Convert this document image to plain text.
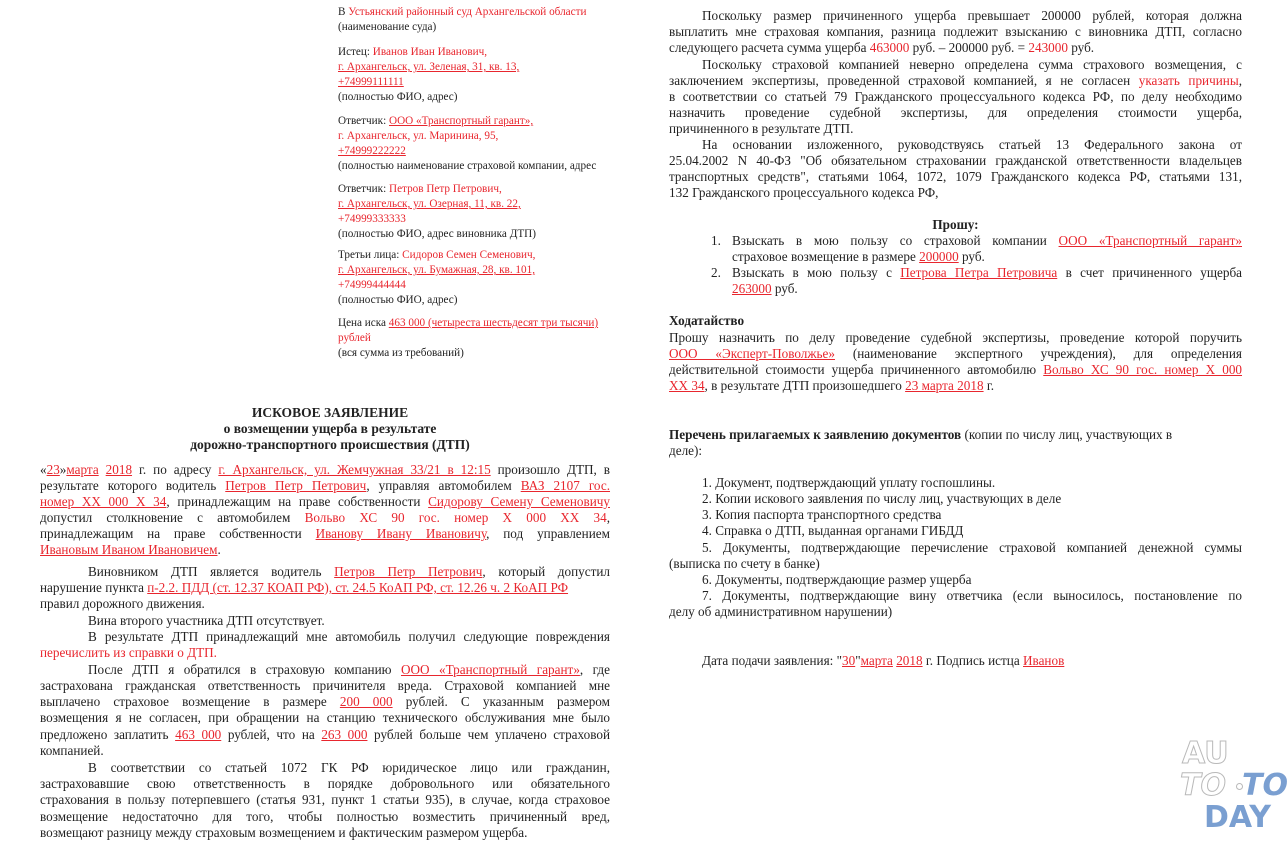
В Устьянский районный суд Архангельской области
(наименование суда)
Истец: Иванов Иван Иванович,
г. Архангельск, ул. Зеленая, 31, кв. 13,
+74999111111
(полностью ФИО, адрес)
Ответчик: ООО «Транспортный гарант»,
г. Архангельск, ул. Маринина, 95,
+74999222222
(полностью наименование страховой компании, адрес
Ответчик: Петров Петр Петрович,
г. Архангельск, ул. Озерная, 11, кв. 22,
+74999333333
(полностью ФИО, адрес виновника ДТП)
Третьи лица: Сидоров Семен Семенович,
г. Архангельск, ул. Бумажная, 28, кв. 101,
+74999444444
(полностью ФИО, адрес)
Цена иска 463 000 (четыреста шестьдесят три тысячи)
рублей
(вся сумма из требований)
ИСКОВОЕ ЗАЯВЛЕНИЕ
о возмещении ущерба в результате
дорожно-транспортного происшествия (ДТП)
«23»марта 2018 г. по адресу г. Архангельск, ул. Жемчужная 33/21 в 12:15 произошло ДТП, в
результате которого водитель Петров Петр Петрович, управляя автомобилем ВАЗ 2107 гос.
номер ХХ 000 Х 34, принадлежащим на праве собственности Сидорову Семену Семеновичу
допустил столкновение с автомобилем Вольво ХС 90 гос. номер Х 000 ХХ 34,
принадлежащим на праве собственности Иванову Ивану Ивановичу, под управлением
Ивановым Иваном Ивановичем.
Виновником ДТП является водитель Петров Петр Петрович, который допустил
нарушение пункта п-2.2. ПДД (ст. 12.37 КОАП РФ), ст. 24.5 КоАП РФ, ст. 12.26 ч. 2 КоАП РФ
правил дорожного движения.
Вина второго участника ДТП отсутствует.
В результате ДТП принадлежащий мне автомобиль получил следующие повреждения
перечислить из справки о ДТП.
После ДТП я обратился в страховую компанию ООО «Транспортный гарант», где
застрахована гражданская ответственность причинителя вреда. Страховой компанией мне
выплачено страховое возмещение в размере 200 000 рублей. С указанным размером
возмещения я не согласен, при обращении на станцию технического обслуживания мне было
предложено заплатить 463 000 рублей, что на 263 000 рублей больше чем уплачено страховой
компанией.
В соответствии со статьей 1072 ГК РФ юридическое лицо или гражданин,
застраховавшие свою ответственность в порядке добровольного или обязательного
страхования в пользу потерпевшего (статья 931, пункт 1 статьи 935), в случае, когда страховое
возмещение недостаточно для того, чтобы полностью возместить причиненный вред,
возмещают разницу между страховым возмещением и фактическим размером ущерба.
Поскольку размер причиненного ущерба превышает 200000 рублей, которая должна
выплатить мне страховая компания, разница подлежит взысканию с виновника ДТП, согласно
следующего расчета сумма ущерба 463000 руб. – 200000 руб. = 243000 руб.
Поскольку страховой компанией неверно определена сумма страхового возмещения, с
заключением экспертизы, проведенной страховой компанией, я не согласен указать причины,
в соответствии со статьей 79 Гражданского процессуального кодекса РФ, по делу необходимо
назначить проведение судебной экспертизы, для определения стоимости ущерба,
причиненного в результате ДТП.
На основании изложенного, руководствуясь статьей 13 Федерального закона от
25.04.2002 N 40-ФЗ "Об обязательном страховании гражданской ответственности владельцев
транспортных средств", статьями 1064, 1072, 1079 Гражданского кодекса РФ, статьями 131,
132 Гражданского процессуального кодекса РФ,
Прошу:
1. Взыскать в мою пользу со страховой компании ООО «Транспортный гарант»
страховое возмещение в размере 200000 руб.
2. Взыскать в мою пользу с Петрова Петра Петровича в счет причиненного ущерба
263000 руб.
Ходатайство
Прошу назначить по делу проведение судебной экспертизы, проведение которой поручить
ООО «Эксперт-Поволжье» (наименование экспертного учреждения), для определения
действительной стоимости ущерба причиненного автомобилю Вольво ХС 90 гос. номер Х 000
ХХ 34, в результате ДТП произошедшего 23 марта 2018 г.
Перечень прилагаемых к заявлению документов (копии по числу лиц, участвующих в
деле):
1. Документ, подтверждающий уплату госпошлины.
2. Копии искового заявления по числу лиц, участвующих в деле
3. Копия паспорта транспортного средства
4. Справка о ДТП, выданная органами ГИБДД
5. Документы, подтверждающие перечисление страховой компанией денежной суммы
(выписка по счету в банке)
6. Документы, подтверждающие размер ущерба
7. Документы, подтверждающие вину ответчика (если выносилось, постановление по
делу об административном нарушении)
Дата подачи заявления: "30"марта 2018 г. Подпись истца Иванов
AU
TO TO
DAY
